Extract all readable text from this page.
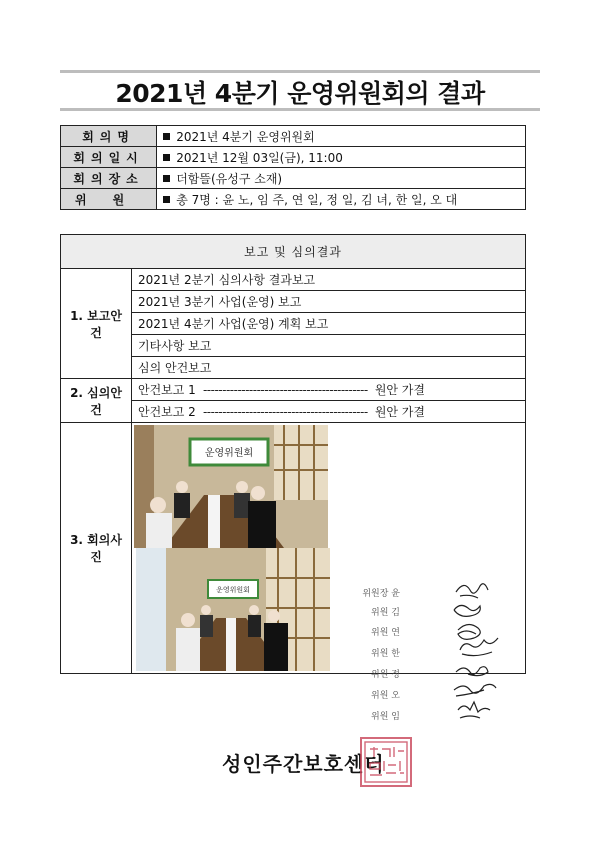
2021년 4분기 운영위원회의 결과
회의명	2021년 4분기 운영위원회
회의일시	2021년 12월 03일(금), 11:00
회의장소	더함뜰(유성구 소재)
위원	총 7명 : 윤 노, 임 주, 연 일, 정 일, 김 녀, 한 일, 오 대
보고 및 심의결과	
1. 보고안건	2021년 2분기 심의사항 결과보고
	2021년 3분기 사업(운영) 보고
	2021년 4분기 사업(운영) 계획 보고
	기타사항 보고
	심의 안건보고
2. 심의안건	안건보고 1  -------------------------------------------  원안 가결
	안건보고 2  -------------------------------------------  원안 가결
3. 회의사진	운영위원회

운영위원회	위원장 윤
위원 김
위원 연
위원 한
위원 정
위원 오
위원 임
성인주간보호센터
